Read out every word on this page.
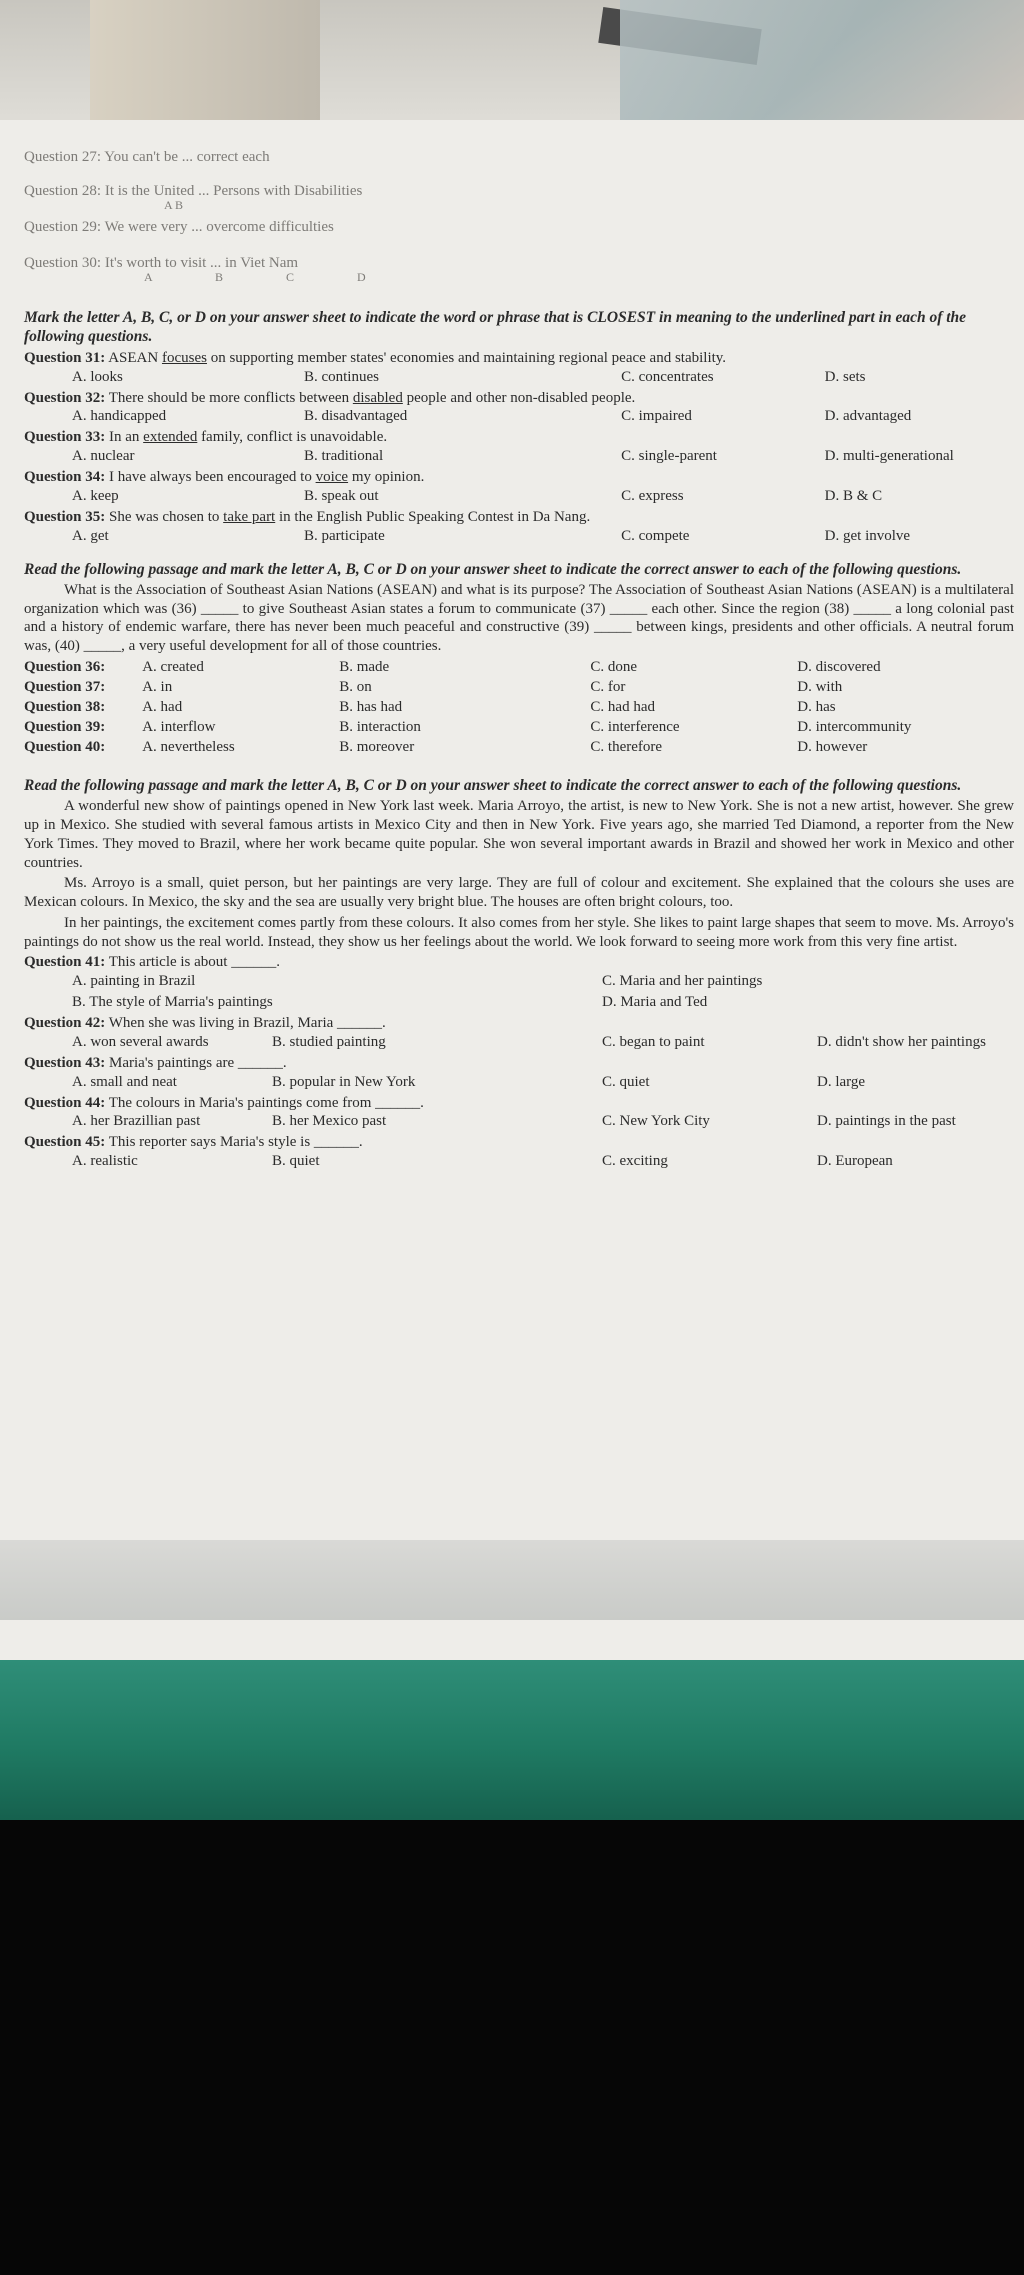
Question 27: You can't be ... correct each
Question 28: It is the United ... Persons with Disabilities
A B
Question 29: We were very ... overcome difficulties
Question 30: It's worth to visit ... in Viet Nam
A B C D
Mark the letter A, B, C, or D on your answer sheet to indicate the word or phrase that is CLOSEST in meaning to the underlined part in each of the following questions.
Question 31: ASEAN focuses on supporting member states' economies and maintaining regional peace and stability.
A. looks	B. continues	C. concentrates	D. sets
Question 32: There should be more conflicts between disabled people and other non-disabled people.
A. handicapped	B. disadvantaged	C. impaired	D. advantaged
Question 33: In an extended family, conflict is unavoidable.
A. nuclear	B. traditional	C. single-parent	D. multi-generational
Question 34: I have always been encouraged to voice my opinion.
A. keep	B. speak out	C. express	D. B & C
Question 35: She was chosen to take part in the English Public Speaking Contest in Da Nang.
A. get	B. participate	C. compete	D. get involve
Read the following passage and mark the letter A, B, C or D on your answer sheet to indicate the correct answer to each of the following questions.
What is the Association of Southeast Asian Nations (ASEAN) and what is its purpose? The Association of Southeast Asian Nations (ASEAN) is a multilateral organization which was (36) _____ to give Southeast Asian states a forum to communicate (37) _____ each other. Since the region (38) _____ a long colonial past and a history of endemic warfare, there has never been much peaceful and constructive (39) _____ between kings, presidents and other officials. A neutral forum was, (40) _____, a very useful development for all of those countries.
Question 36:	A. created	B. made	C. done	D. discovered
Question 37:	A. in	B. on	C. for	D. with
Question 38:	A. had	B. has had	C. had had	D. has
Question 39:	A. interflow	B. interaction	C. interference	D. intercommunity
Question 40:	A. nevertheless	B. moreover	C. therefore	D. however
Read the following passage and mark the letter A, B, C or D on your answer sheet to indicate the correct answer to each of the following questions.
A wonderful new show of paintings opened in New York last week. Maria Arroyo, the artist, is new to New York. She is not a new artist, however. She grew up in Mexico. She studied with several famous artists in Mexico City and then in New York. Five years ago, she married Ted Diamond, a reporter from the New York Times. They moved to Brazil, where her work became quite popular. She won several important awards in Brazil and showed her work in Mexico and other countries.
Ms. Arroyo is a small, quiet person, but her paintings are very large. They are full of colour and excitement. She explained that the colours she uses are Mexican colours. In Mexico, the sky and the sea are usually very bright blue. The houses are often bright colours, too.
In her paintings, the excitement comes partly from these colours. It also comes from her style. She likes to paint large shapes that seem to move. Ms. Arroyo's paintings do not show us the real world. Instead, they show us her feelings about the world. We look forward to seeing more work from this very fine artist.
Question 41: This article is about ______.
A. painting in Brazil	C. Maria and her paintings
B. The style of Marria's paintings	D. Maria and Ted
Question 42: When she was living in Brazil, Maria ______.
A. won several awards	B. studied painting	C. began to paint	D. didn't show her paintings
Question 43: Maria's paintings are ______.
A. small and neat	B. popular in New York	C. quiet	D. large
Question 44: The colours in Maria's paintings come from ______.
A. her Brazillian past	B. her Mexico past	C. New York City	D. paintings in the past
Question 45: This reporter says Maria's style is ______.
A. realistic	B. quiet	C. exciting	D. European
